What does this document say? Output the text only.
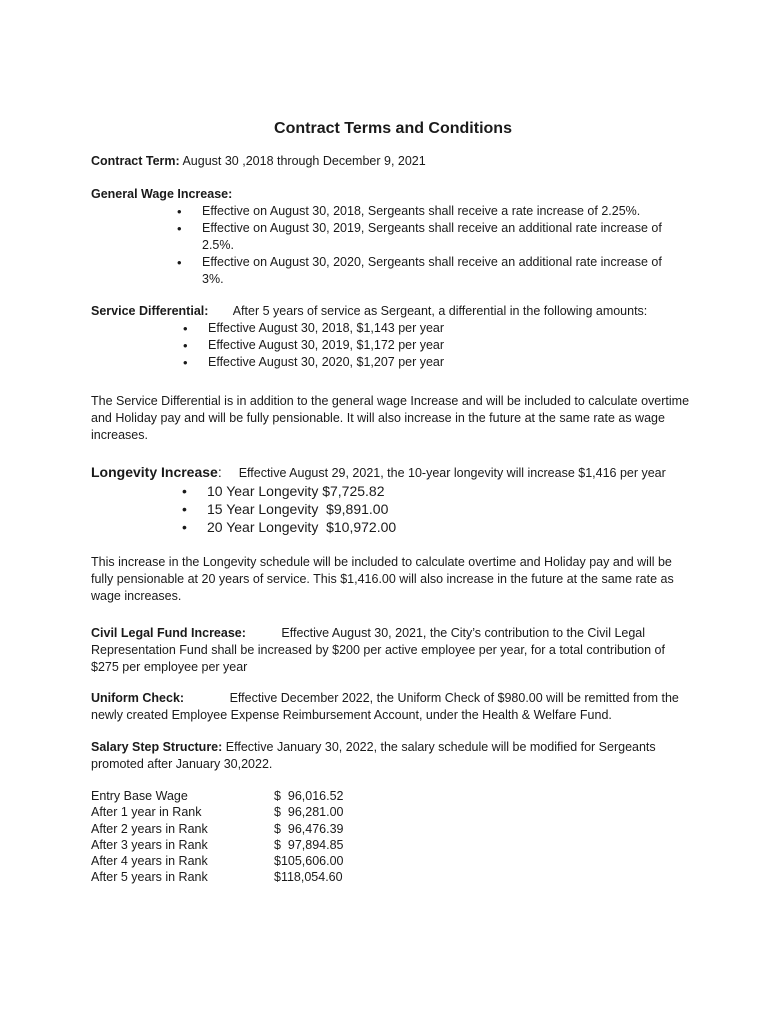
Contract Terms and Conditions
Contract Term: August 30 ,2018 through December 9, 2021
General Wage Increase:
• Effective on August 30, 2018, Sergeants shall receive a rate increase of 2.25%.
• Effective on August 30, 2019, Sergeants shall receive an additional rate increase of 2.5%.
• Effective on August 30, 2020, Sergeants shall receive an additional rate increase of 3%.
Service Differential: After 5 years of service as Sergeant, a differential in the following amounts:
• Effective August 30, 2018, $1,143 per year
• Effective August 30, 2019, $1,172 per year
• Effective August 30, 2020, $1,207 per year
The Service Differential is in addition to the general wage Increase and will be included to calculate overtime and Holiday pay and will be fully pensionable. It will also increase in the future at the same rate as wage increases.
Longevity Increase: Effective August 29, 2021, the 10-year longevity will increase $1,416 per year
• 10 Year Longevity $7,725.82
• 15 Year Longevity  $9,891.00
• 20 Year Longevity  $10,972.00
This increase in the Longevity schedule will be included to calculate overtime and Holiday pay and will be fully pensionable at 20 years of service. This $1,416.00 will also increase in the future at the same rate as wage increases.
Civil Legal Fund Increase:	Effective August 30, 2021, the City’s contribution to the Civil Legal Representation Fund shall be increased by $200 per active employee per year, for a total contribution of $275 per employee per year
Uniform Check:	Effective December 2022, the Uniform Check of $980.00 will be remitted from the newly created Employee Expense Reimbursement Account, under the Health & Welfare Fund.
Salary Step Structure: Effective January 30, 2022, the salary schedule will be modified for Sergeants promoted after January 30,2022.
Entry Base Wage	$  96,016.52
After 1 year in Rank	$  96,281.00
After 2 years in Rank	$  96,476.39
After 3 years in Rank	$  97,894.85
After 4 years in Rank	$105,606.00
After 5 years in Rank	$118,054.60
